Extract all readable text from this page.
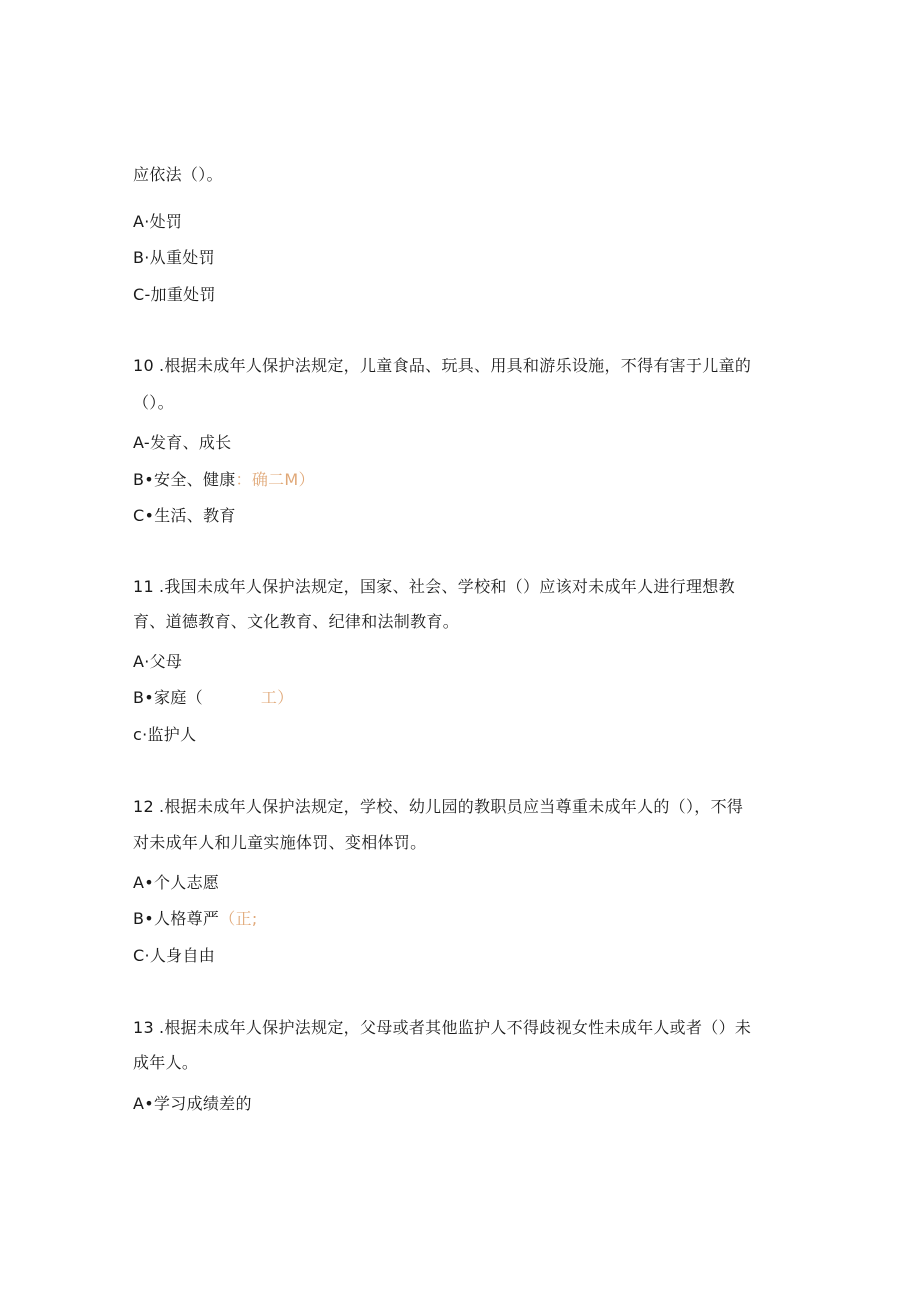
应依法（）。
A·处罚
B·从重处罚
C-加重处罚
10 .根据未成年人保护法规定，儿童食品、玩具、用具和游乐设施，不得有害于儿童的
（）。
A-发育、成长
B•安全、健康：确二M）
C•生活、教育
11 .我国未成年人保护法规定，国家、社会、学校和（）应该对未成年人进行理想教
育、道德教育、文化教育、纪律和法制教育。
A·父母
B•家庭（	工）
c·监护人
12 .根据未成年人保护法规定，学校、幼儿园的教职员应当尊重未成年人的（），不得
对未成年人和儿童实施体罚、变相体罚。
A•个人志愿
B•人格尊严（正;
C·人身自由
13 .根据未成年人保护法规定，父母或者其他监护人不得歧视女性未成年人或者（）未
成年人。
A•学习成绩差的
